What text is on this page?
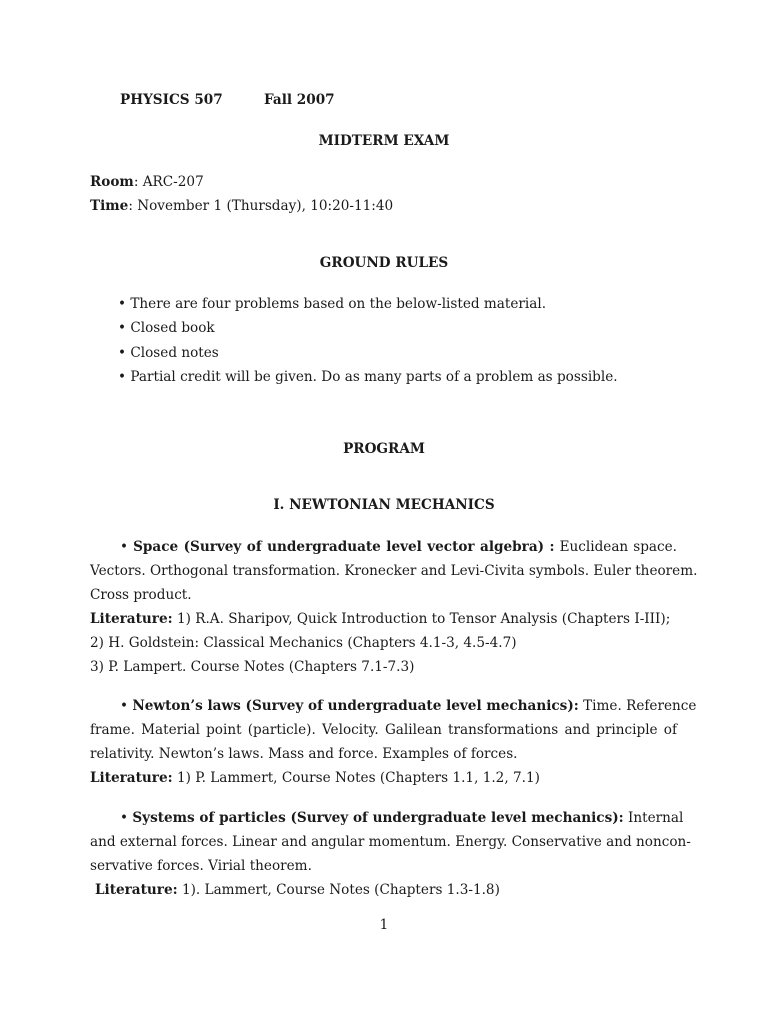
PHYSICS 507	Fall 2007
MIDTERM EXAM
Room: ARC-207
Time: November 1 (Thursday), 10:20-11:40
GROUND RULES
• There are four problems based on the below-listed material.
• Closed book
• Closed notes
• Partial credit will be given. Do as many parts of a problem as possible.
PROGRAM
I. NEWTONIAN MECHANICS
• Space (Survey of undergraduate level vector algebra) : Euclidean space.
Vectors. Orthogonal transformation. Kronecker and Levi-Civita symbols. Euler theorem.
Cross product.
Literature: 1) R.A. Sharipov, Quick Introduction to Tensor Analysis (Chapters I-III);
2) H. Goldstein: Classical Mechanics (Chapters 4.1-3, 4.5-4.7)
3) P. Lampert. Course Notes (Chapters 7.1-7.3)
• Newton’s laws (Survey of undergraduate level mechanics): Time. Reference
frame. Material point (particle). Velocity. Galilean transformations and principle of
relativity. Newton’s laws. Mass and force. Examples of forces.
Literature: 1) P. Lammert, Course Notes (Chapters 1.1, 1.2, 7.1)
• Systems of particles (Survey of undergraduate level mechanics): Internal
and external forces. Linear and angular momentum. Energy. Conservative and noncon-
servative forces. Virial theorem.
Literature: 1). Lammert, Course Notes (Chapters 1.3-1.8)
1
